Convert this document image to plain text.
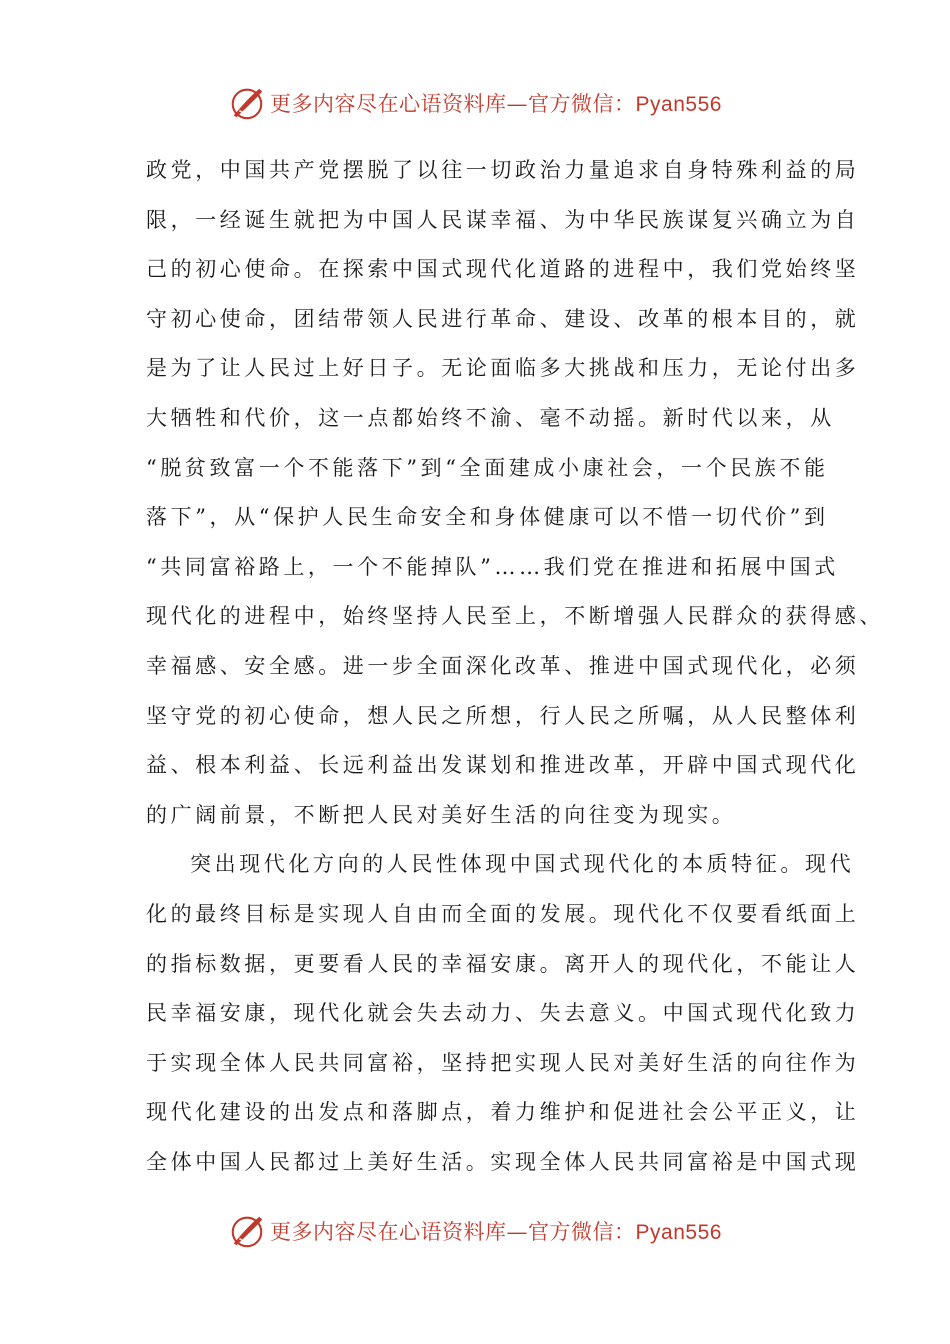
更多内容尽在心语资料库—官方微信：Pyan556
政党，中国共产党摆脱了以往一切政治力量追求自身特殊利益的局
限，一经诞生就把为中国人民谋幸福、为中华民族谋复兴确立为自
己的初心使命。在探索中国式现代化道路的进程中，我们党始终坚
守初心使命，团结带领人民进行革命、建设、改革的根本目的，就
是为了让人民过上好日子。无论面临多大挑战和压力，无论付出多
大牺牲和代价，这一点都始终不渝、毫不动摇。新时代以来，从
“脱贫致富一个不能落下”到“全面建成小康社会，一个民族不能
落下”，从“保护人民生命安全和身体健康可以不惜一切代价”到
“共同富裕路上，一个不能掉队”……我们党在推进和拓展中国式
现代化的进程中，始终坚持人民至上，不断增强人民群众的获得感、
幸福感、安全感。进一步全面深化改革、推进中国式现代化，必须
坚守党的初心使命，想人民之所想，行人民之所嘱，从人民整体利
益、根本利益、长远利益出发谋划和推进改革，开辟中国式现代化
的广阔前景，不断把人民对美好生活的向往变为现实。
突出现代化方向的人民性体现中国式现代化的本质特征。现代
化的最终目标是实现人自由而全面的发展。现代化不仅要看纸面上
的指标数据，更要看人民的幸福安康。离开人的现代化，不能让人
民幸福安康，现代化就会失去动力、失去意义。中国式现代化致力
于实现全体人民共同富裕，坚持把实现人民对美好生活的向往作为
现代化建设的出发点和落脚点，着力维护和促进社会公平正义，让
全体中国人民都过上美好生活。实现全体人民共同富裕是中国式现
更多内容尽在心语资料库—官方微信：Pyan556
